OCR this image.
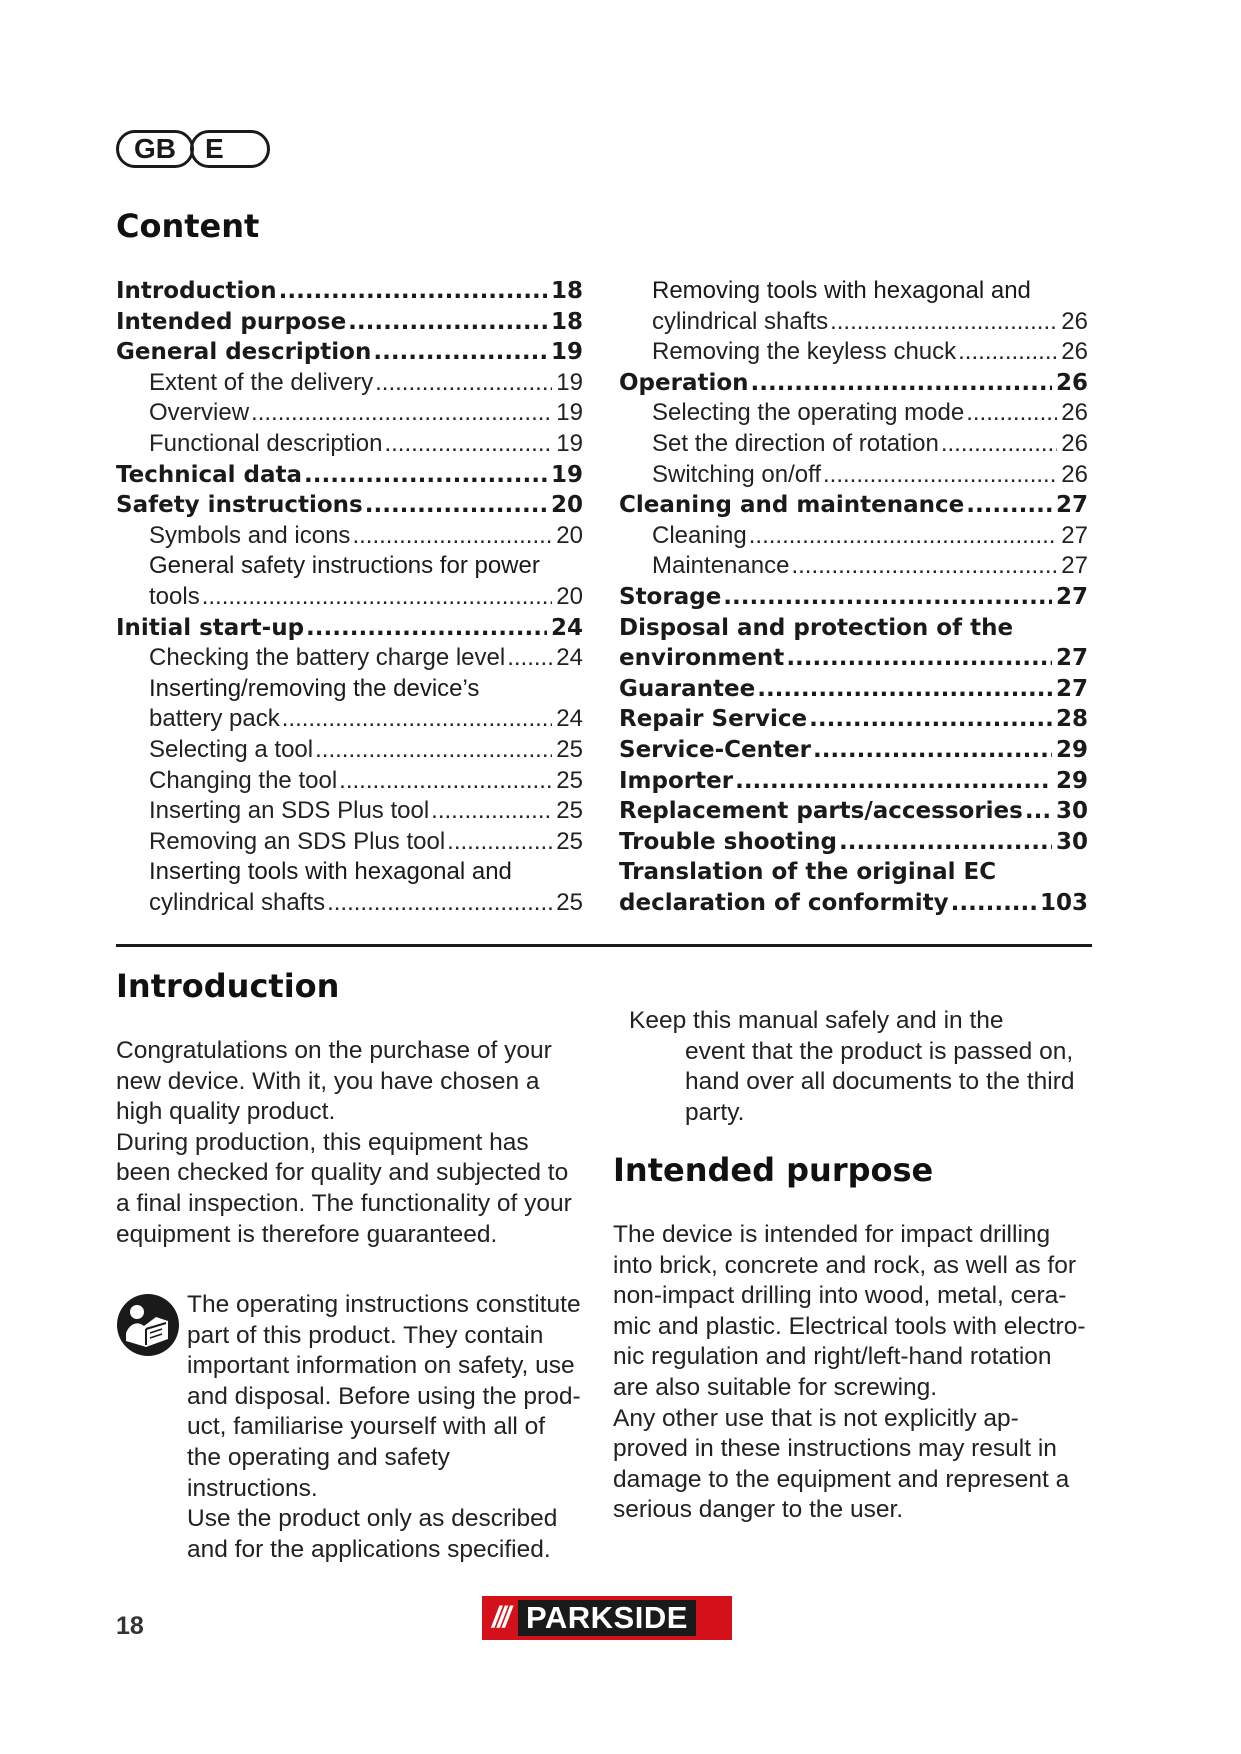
GB	E
Content
Introduction .....	18
Intended purpose .....	18
General description .....	19
Extent of the delivery .....	19
Overview .....	19
Functional description .....	19
Technical data .....	19
Safety instructions .....	20
Symbols and icons .....	20
General safety instructions for power
tools .....	20
Initial start-up .....	24
Checking the battery charge level ..... 24
Inserting/removing the device’s
battery pack .....	24
Selecting a tool .....	25
Changing the tool .....	25
Inserting an SDS Plus tool .....	25
Removing an SDS Plus tool .....	25
Inserting tools with hexagonal and
cylindrical shafts .....	25
Removing tools with hexagonal and
cylindrical shafts .....	26
Removing the keyless chuck .....	26
Operation .....	26
Selecting the operating mode .....	26
Set the direction of rotation .....	26
Switching on/off .....	26
Cleaning and maintenance .....	27
Cleaning .....	27
Maintenance .....	27
Storage .....	27
Disposal and protection of the
environment .....	27
Guarantee .....	27
Repair Service .....	28
Service-Center .....	29
Importer .....	29
Replacement parts/accessories ..... 30
Trouble shooting .....	30
Translation of the original EC
declaration of conformity .....	103
Introduction
Congratulations on the purchase of your
new device. With it, you have chosen a
high quality product.
During production, this equipment has
been checked for quality and subjected to
a final inspection. The functionality of your
equipment is therefore guaranteed.
The operating instructions constitute
part of this product. They contain
important information on safety, use
and disposal. Before using the prod-
uct, familiarise yourself with all of
the operating and safety instructions.
Use the product only as described
and for the applications specified.
Keep this manual safely and in the
event that the product is passed on,
hand over all documents to the third
party.
Intended purpose
The device is intended for impact drilling
into brick, concrete and rock, as well as for
non-impact drilling into wood, metal, cera-
mic and plastic. Electrical tools with electro-
nic regulation and right/left-hand rotation
are also suitable for screwing.
Any other use that is not explicitly ap-
proved in these instructions may result in
damage to the equipment and represent a
serious danger to the user.
18	/// PARKSIDE
